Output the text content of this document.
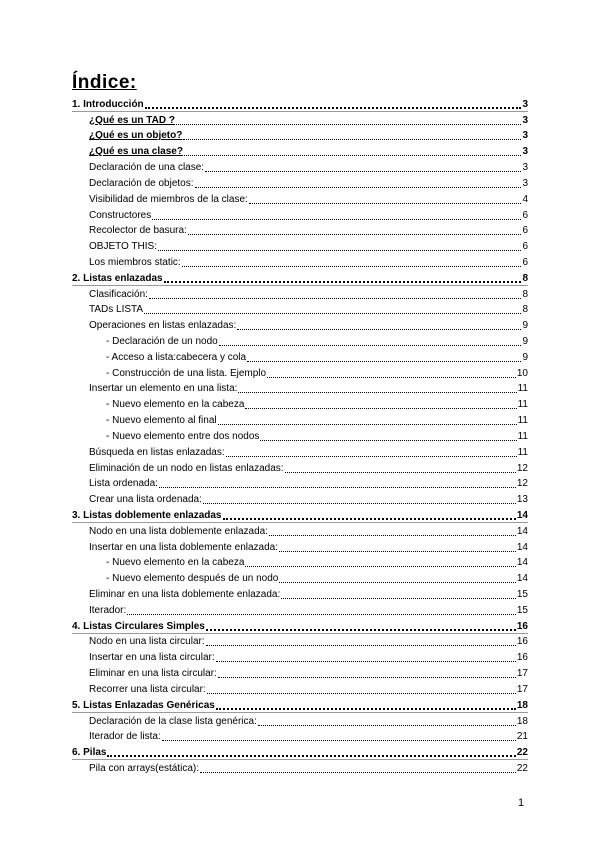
Índice:
1. Introducción	3
¿Qué es un TAD ?	3
¿Qué es un objeto?	3
¿Qué es una clase?	3
Declaración de una clase:	3
Declaración de objetos:	3
Visibilidad de miembros de la clase:	4
Constructores	6
Recolector de basura:	6
OBJETO THIS:	6
Los miembros static:	6
2. Listas enlazadas	8
Clasificación:	8
TADs LISTA	8
Operaciones en listas enlazadas:	9
- Declaración de un nodo	9
- Acceso a lista:cabecera y cola	9
- Construcción de una lista. Ejemplo	10
Insertar un elemento en una lista:	11
- Nuevo elemento en la cabeza	11
- Nuevo elemento al final	11
- Nuevo elemento entre dos nodos	11
Búsqueda en listas enlazadas:	11
Eliminación de un nodo en listas enlazadas:	12
Lista ordenada:	12
Crear una lista ordenada:	13
3. Listas doblemente enlazadas	14
Nodo en una lista doblemente enlazada:	14
Insertar en una lista doblemente enlazada:	14
- Nuevo elemento en la cabeza	14
- Nuevo elemento después de un nodo	14
Eliminar en una lista doblemente enlazada:	15
Iterador:	15
4. Listas Circulares Simples	16
Nodo en una lista circular:	16
Insertar en una lista circular:	16
Eliminar en una lista circular:	17
Recorrer una lista circular:	17
5. Listas Enlazadas Genéricas	18
Declaración de la clase lista genérica:	18
Iterador de lista:	21
6. Pilas	22
Pila con arrays(estática):	22
1
